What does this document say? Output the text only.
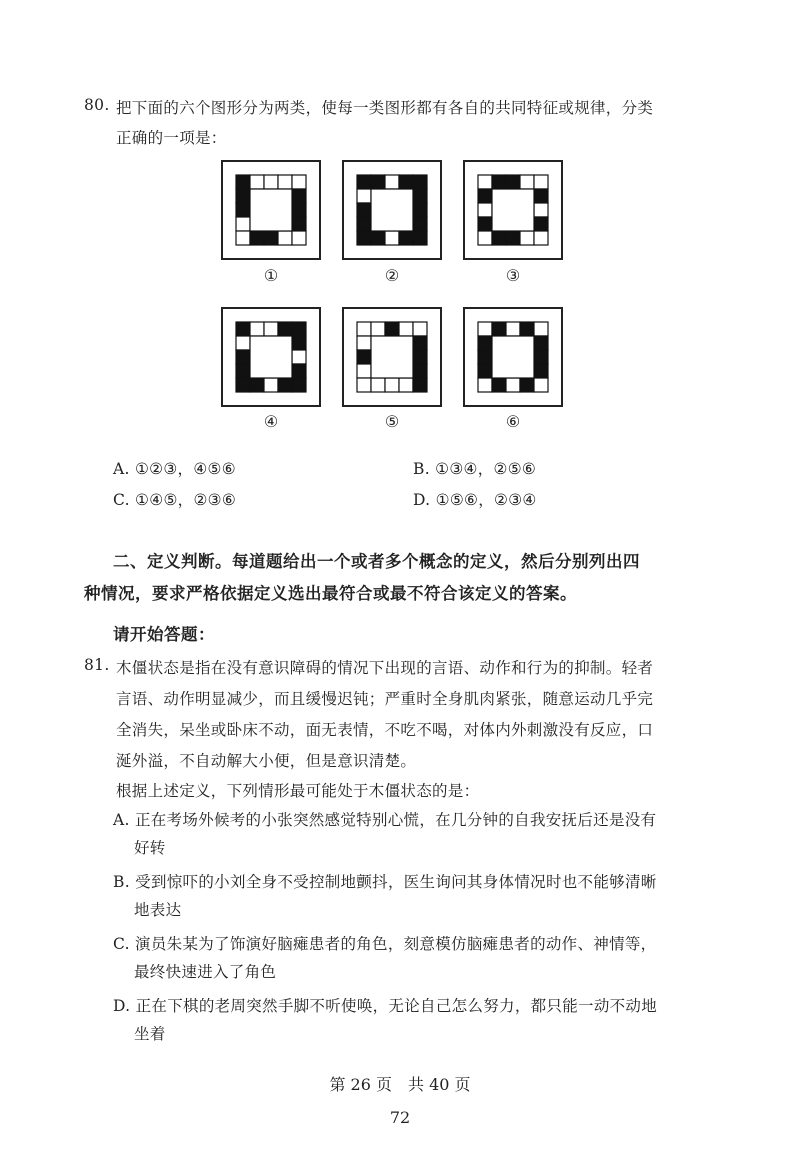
80. 把下面的六个图形分为两类，使每一类图形都有各自的共同特征或规律，分类
正确的一项是：
①	②	③
④	⑤	⑥
A. ①②③，④⑤⑥	B. ①③④，②⑤⑥
C. ①④⑤，②③⑥	D. ①⑤⑥，②③④
二、定义判断。每道题给出一个或者多个概念的定义，然后分别列出四
种情况，要求严格依据定义选出最符合或最不符合该定义的答案。
请开始答题：
81. 木僵状态是指在没有意识障碍的情况下出现的言语、动作和行为的抑制。轻者
言语、动作明显减少，而且缓慢迟钝；严重时全身肌肉紧张，随意运动几乎完
全消失，呆坐或卧床不动，面无表情，不吃不喝，对体内外刺激没有反应，口
涎外溢，不自动解大小便，但是意识清楚。
根据上述定义，下列情形最可能处于木僵状态的是：
A. 正在考场外候考的小张突然感觉特别心慌，在几分钟的自我安抚后还是没有
好转
B. 受到惊吓的小刘全身不受控制地颤抖，医生询问其身体情况时也不能够清晰
地表达
C. 演员朱某为了饰演好脑瘫患者的角色，刻意模仿脑瘫患者的动作、神情等，
最终快速进入了角色
D. 正在下棋的老周突然手脚不听使唤，无论自己怎么努力，都只能一动不动地
坐着
第 26 页　共 40 页
72
